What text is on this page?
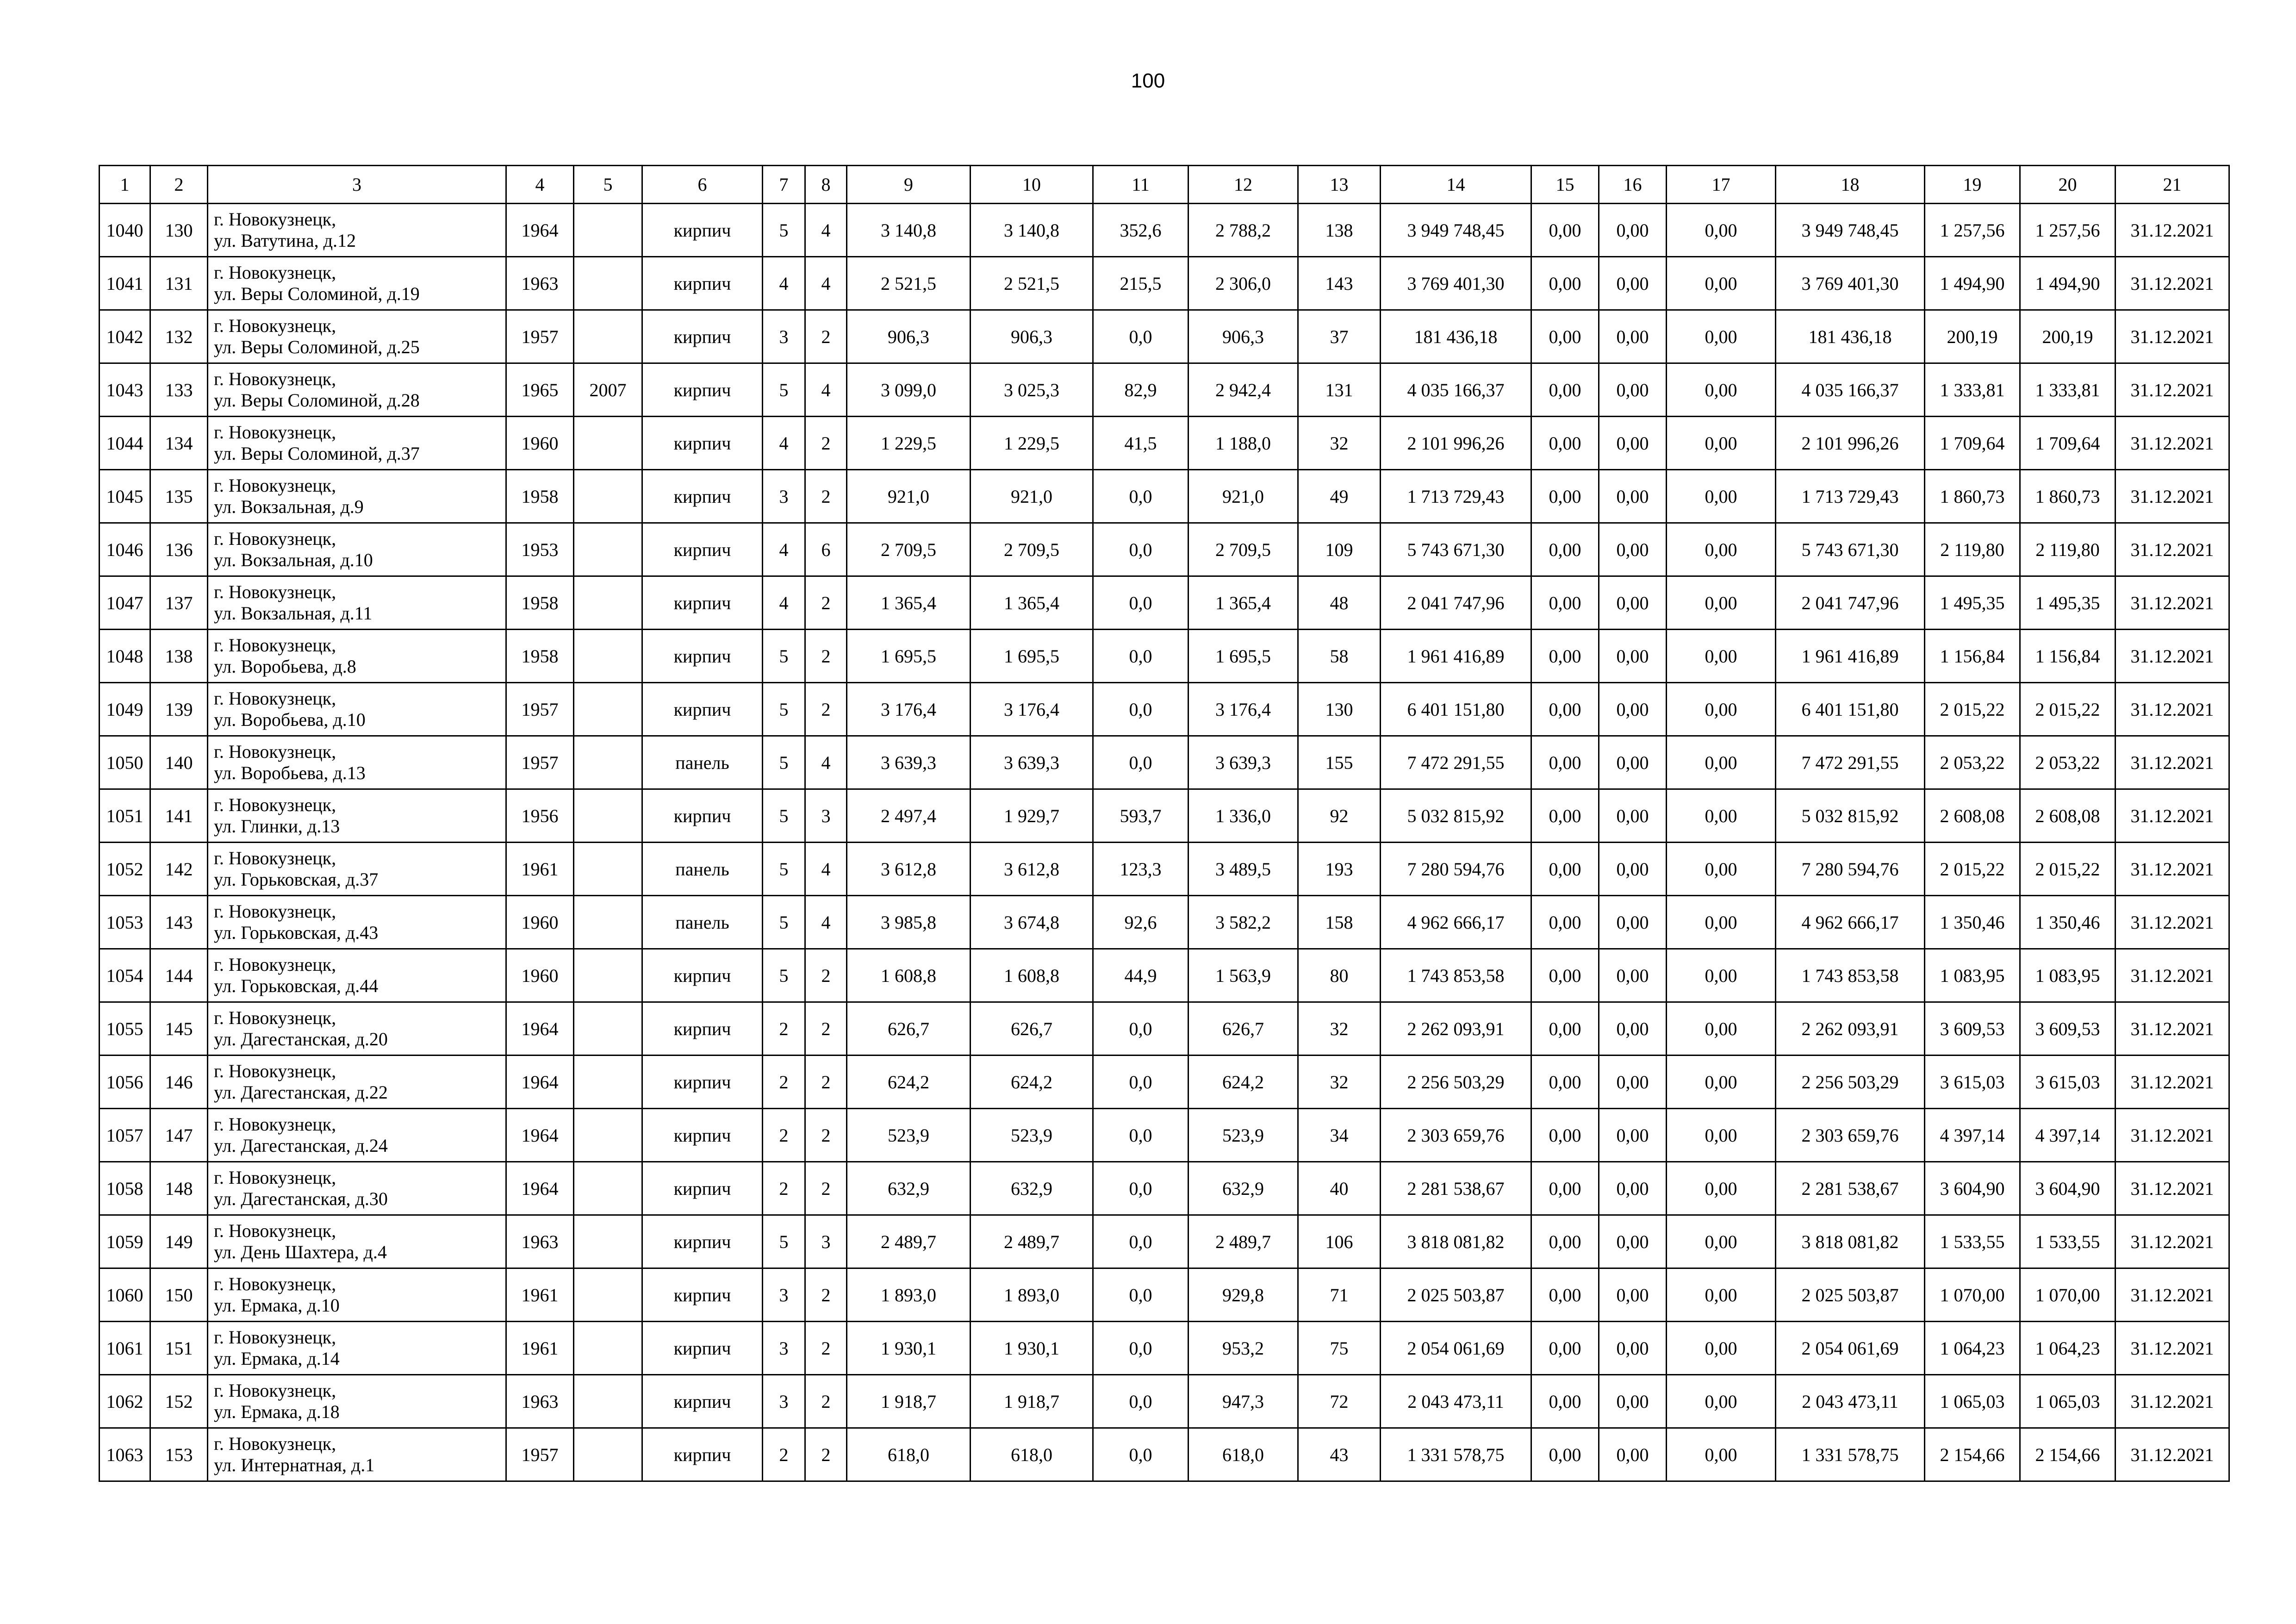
100
1	2	3	4	5	6	7	8	9	10	11	12	13	14	15	16	17	18	19	20	21
1040	130	г. Новокузнецк,
ул. Ватутина, д.12	1964		кирпич	5	4	3 140,8	3 140,8	352,6	2 788,2	138	3 949 748,45	0,00	0,00	0,00	3 949 748,45	1 257,56	1 257,56	31.12.2021
1041	131	г. Новокузнецк,
ул. Веры Соломиной, д.19	1963		кирпич	4	4	2 521,5	2 521,5	215,5	2 306,0	143	3 769 401,30	0,00	0,00	0,00	3 769 401,30	1 494,90	1 494,90	31.12.2021
1042	132	г. Новокузнецк,
ул. Веры Соломиной, д.25	1957		кирпич	3	2	906,3	906,3	0,0	906,3	37	181 436,18	0,00	0,00	0,00	181 436,18	200,19	200,19	31.12.2021
1043	133	г. Новокузнецк,
ул. Веры Соломиной, д.28	1965	2007	кирпич	5	4	3 099,0	3 025,3	82,9	2 942,4	131	4 035 166,37	0,00	0,00	0,00	4 035 166,37	1 333,81	1 333,81	31.12.2021
1044	134	г. Новокузнецк,
ул. Веры Соломиной, д.37	1960		кирпич	4	2	1 229,5	1 229,5	41,5	1 188,0	32	2 101 996,26	0,00	0,00	0,00	2 101 996,26	1 709,64	1 709,64	31.12.2021
1045	135	г. Новокузнецк,
ул. Вокзальная, д.9	1958		кирпич	3	2	921,0	921,0	0,0	921,0	49	1 713 729,43	0,00	0,00	0,00	1 713 729,43	1 860,73	1 860,73	31.12.2021
1046	136	г. Новокузнецк,
ул. Вокзальная, д.10	1953		кирпич	4	6	2 709,5	2 709,5	0,0	2 709,5	109	5 743 671,30	0,00	0,00	0,00	5 743 671,30	2 119,80	2 119,80	31.12.2021
1047	137	г. Новокузнецк,
ул. Вокзальная, д.11	1958		кирпич	4	2	1 365,4	1 365,4	0,0	1 365,4	48	2 041 747,96	0,00	0,00	0,00	2 041 747,96	1 495,35	1 495,35	31.12.2021
1048	138	г. Новокузнецк,
ул. Воробьева, д.8	1958		кирпич	5	2	1 695,5	1 695,5	0,0	1 695,5	58	1 961 416,89	0,00	0,00	0,00	1 961 416,89	1 156,84	1 156,84	31.12.2021
1049	139	г. Новокузнецк,
ул. Воробьева, д.10	1957		кирпич	5	2	3 176,4	3 176,4	0,0	3 176,4	130	6 401 151,80	0,00	0,00	0,00	6 401 151,80	2 015,22	2 015,22	31.12.2021
1050	140	г. Новокузнецк,
ул. Воробьева, д.13	1957		панель	5	4	3 639,3	3 639,3	0,0	3 639,3	155	7 472 291,55	0,00	0,00	0,00	7 472 291,55	2 053,22	2 053,22	31.12.2021
1051	141	г. Новокузнецк,
ул. Глинки, д.13	1956		кирпич	5	3	2 497,4	1 929,7	593,7	1 336,0	92	5 032 815,92	0,00	0,00	0,00	5 032 815,92	2 608,08	2 608,08	31.12.2021
1052	142	г. Новокузнецк,
ул. Горьковская, д.37	1961		панель	5	4	3 612,8	3 612,8	123,3	3 489,5	193	7 280 594,76	0,00	0,00	0,00	7 280 594,76	2 015,22	2 015,22	31.12.2021
1053	143	г. Новокузнецк,
ул. Горьковская, д.43	1960		панель	5	4	3 985,8	3 674,8	92,6	3 582,2	158	4 962 666,17	0,00	0,00	0,00	4 962 666,17	1 350,46	1 350,46	31.12.2021
1054	144	г. Новокузнецк,
ул. Горьковская, д.44	1960		кирпич	5	2	1 608,8	1 608,8	44,9	1 563,9	80	1 743 853,58	0,00	0,00	0,00	1 743 853,58	1 083,95	1 083,95	31.12.2021
1055	145	г. Новокузнецк,
ул. Дагестанская, д.20	1964		кирпич	2	2	626,7	626,7	0,0	626,7	32	2 262 093,91	0,00	0,00	0,00	2 262 093,91	3 609,53	3 609,53	31.12.2021
1056	146	г. Новокузнецк,
ул. Дагестанская, д.22	1964		кирпич	2	2	624,2	624,2	0,0	624,2	32	2 256 503,29	0,00	0,00	0,00	2 256 503,29	3 615,03	3 615,03	31.12.2021
1057	147	г. Новокузнецк,
ул. Дагестанская, д.24	1964		кирпич	2	2	523,9	523,9	0,0	523,9	34	2 303 659,76	0,00	0,00	0,00	2 303 659,76	4 397,14	4 397,14	31.12.2021
1058	148	г. Новокузнецк,
ул. Дагестанская, д.30	1964		кирпич	2	2	632,9	632,9	0,0	632,9	40	2 281 538,67	0,00	0,00	0,00	2 281 538,67	3 604,90	3 604,90	31.12.2021
1059	149	г. Новокузнецк,
ул. День Шахтера, д.4	1963		кирпич	5	3	2 489,7	2 489,7	0,0	2 489,7	106	3 818 081,82	0,00	0,00	0,00	3 818 081,82	1 533,55	1 533,55	31.12.2021
1060	150	г. Новокузнецк,
ул. Ермака, д.10	1961		кирпич	3	2	1 893,0	1 893,0	0,0	929,8	71	2 025 503,87	0,00	0,00	0,00	2 025 503,87	1 070,00	1 070,00	31.12.2021
1061	151	г. Новокузнецк,
ул. Ермака, д.14	1961		кирпич	3	2	1 930,1	1 930,1	0,0	953,2	75	2 054 061,69	0,00	0,00	0,00	2 054 061,69	1 064,23	1 064,23	31.12.2021
1062	152	г. Новокузнецк,
ул. Ермака, д.18	1963		кирпич	3	2	1 918,7	1 918,7	0,0	947,3	72	2 043 473,11	0,00	0,00	0,00	2 043 473,11	1 065,03	1 065,03	31.12.2021
1063	153	г. Новокузнецк,
ул. Интернатная, д.1	1957		кирпич	2	2	618,0	618,0	0,0	618,0	43	1 331 578,75	0,00	0,00	0,00	1 331 578,75	2 154,66	2 154,66	31.12.2021
